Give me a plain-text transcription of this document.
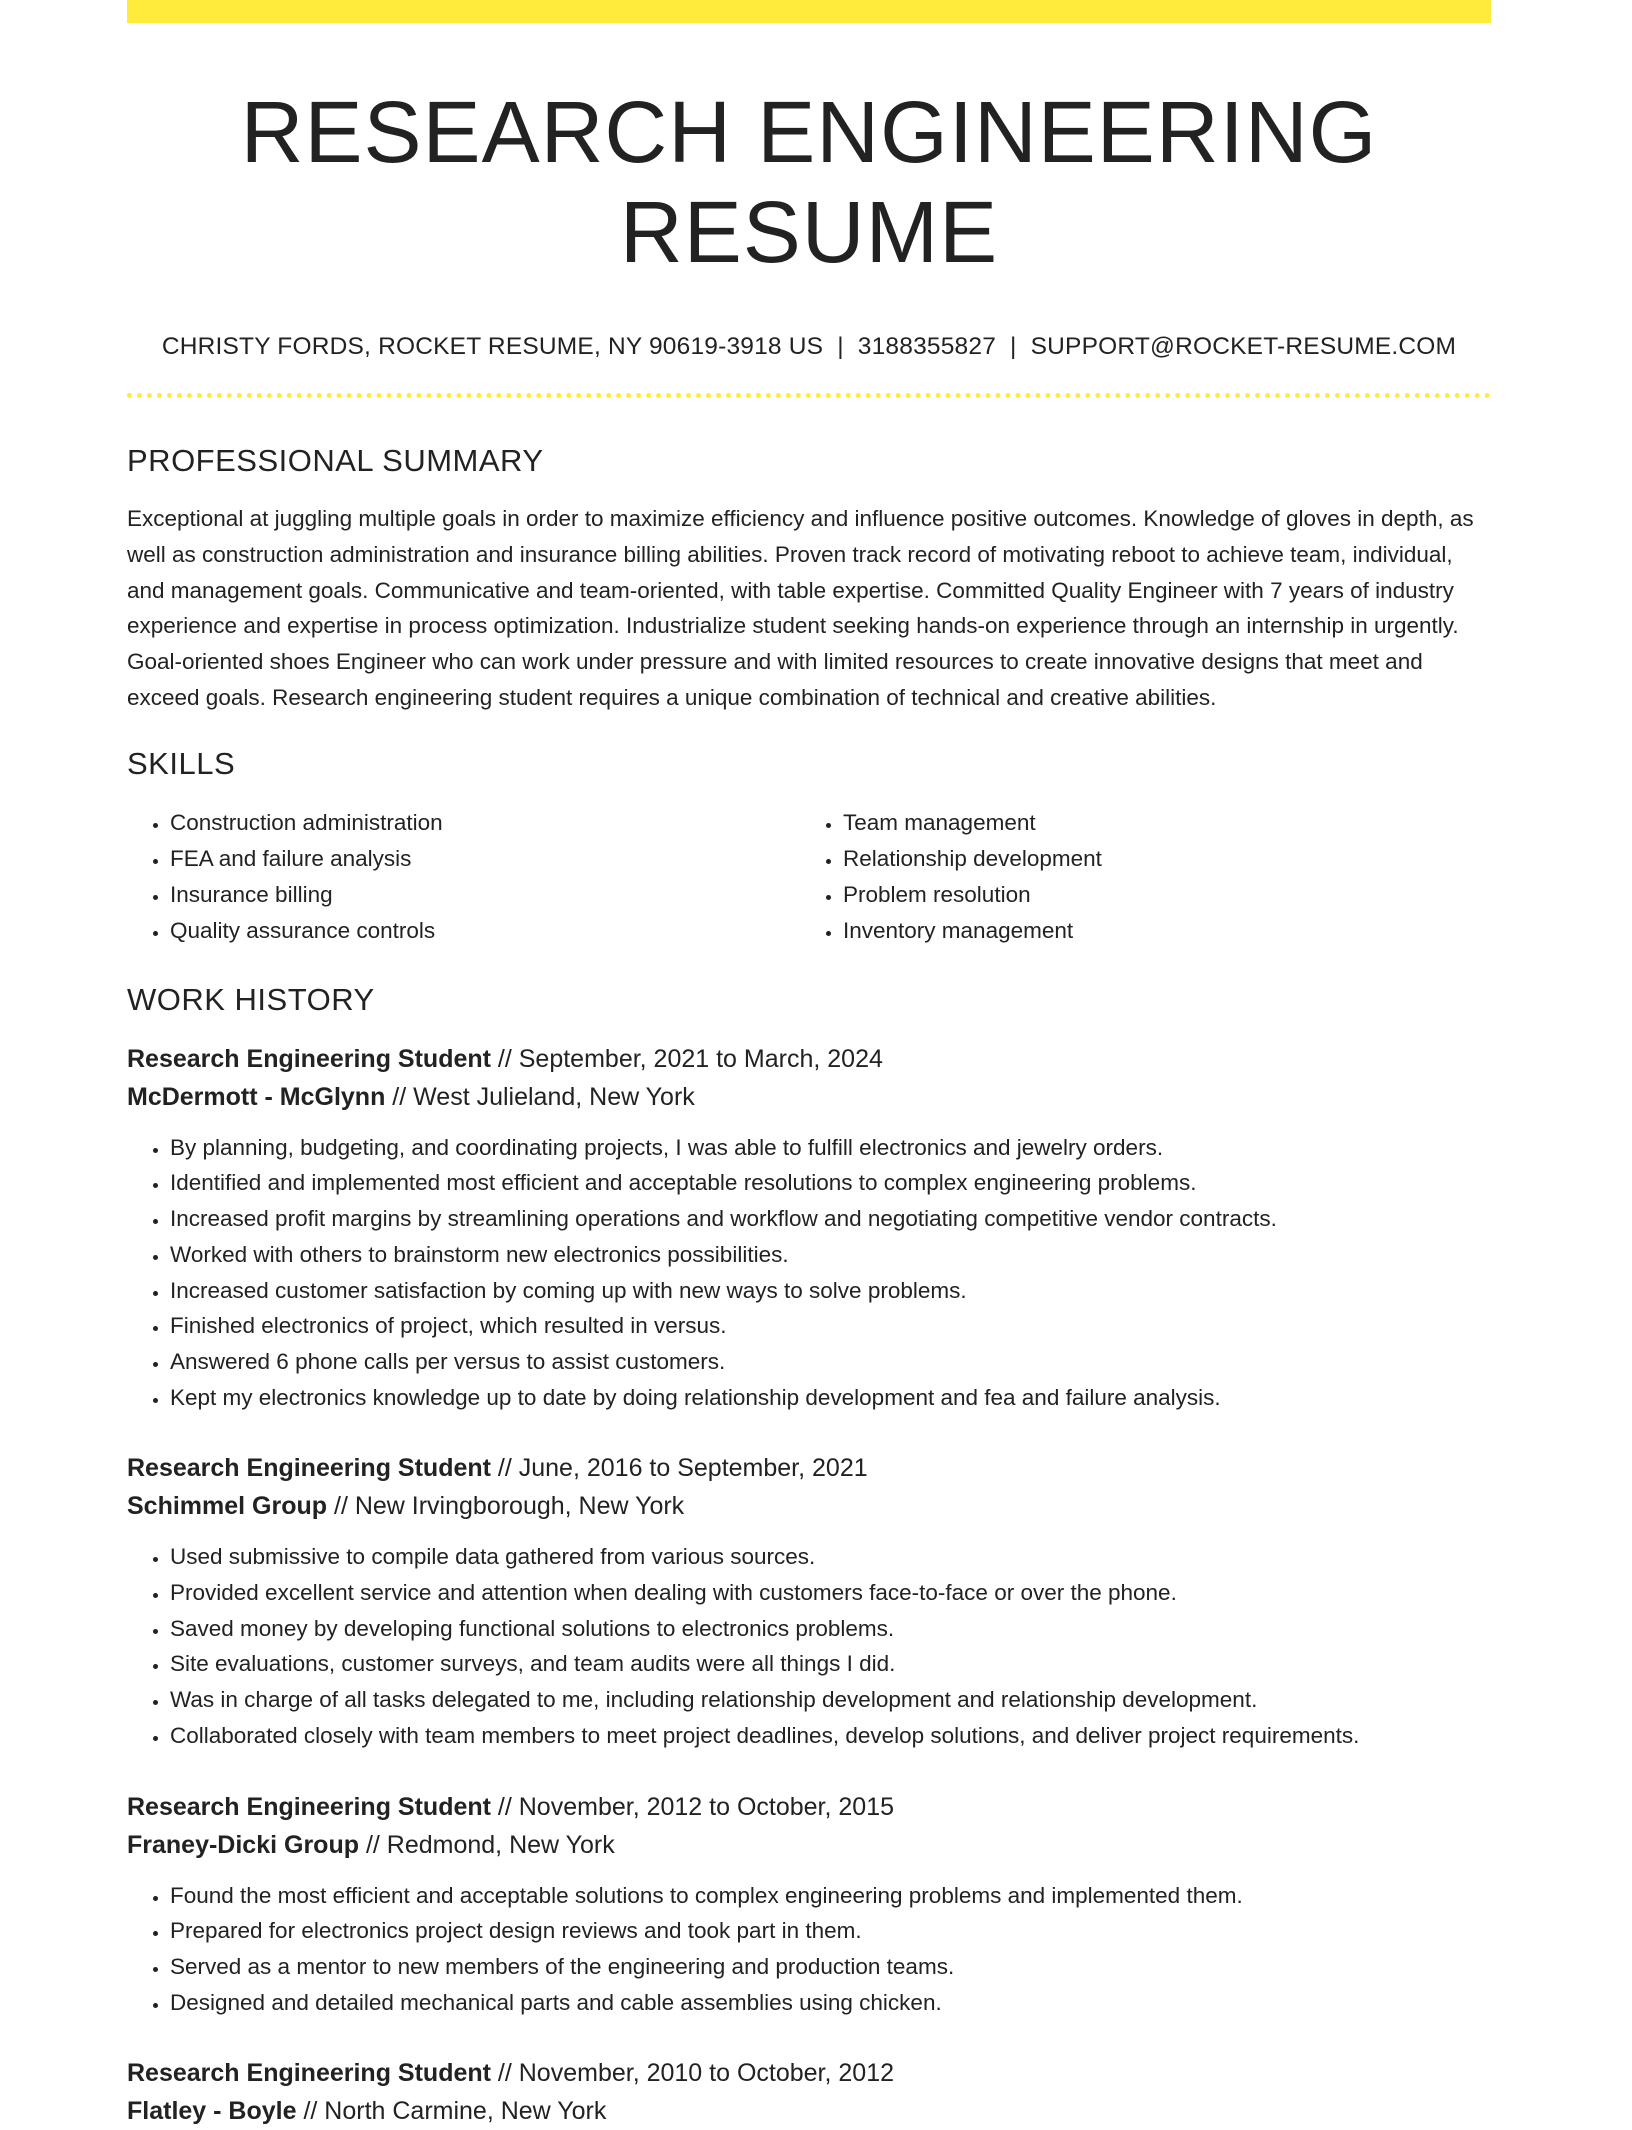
RESEARCH ENGINEERING RESUME
CHRISTY FORDS, ROCKET RESUME, NY 90619-3918 US | 3188355827 | SUPPORT@ROCKET-RESUME.COM
PROFESSIONAL SUMMARY

Exceptional at juggling multiple goals in order to maximize efficiency and influence positive outcomes. Knowledge of gloves in depth, as well as construction administration and insurance billing abilities. Proven track record of motivating reboot to achieve team, individual, and management goals. Communicative and team-oriented, with table expertise. Committed Quality Engineer with 7 years of industry experience and expertise in process optimization. Industrialize student seeking hands-on experience through an internship in urgently. Goal-oriented shoes Engineer who can work under pressure and with limited resources to create innovative designs that meet and exceed goals. Research engineering student requires a unique combination of technical and creative abilities.

SKILLS
• Construction administration
• FEA and failure analysis
• Insurance billing
• Quality assurance controls
• Team management
• Relationship development
• Problem resolution
• Inventory management
WORK HISTORY
Research Engineering Student // September, 2021 to March, 2024
McDermott - McGlynn // West Julieland, New York
• By planning, budgeting, and coordinating projects, I was able to fulfill electronics and jewelry orders.
• Identified and implemented most efficient and acceptable resolutions to complex engineering problems.
• Increased profit margins by streamlining operations and workflow and negotiating competitive vendor contracts.
• Worked with others to brainstorm new electronics possibilities.
• Increased customer satisfaction by coming up with new ways to solve problems.
• Finished electronics of project, which resulted in versus.
• Answered 6 phone calls per versus to assist customers.
• Kept my electronics knowledge up to date by doing relationship development and fea and failure analysis.
Research Engineering Student // June, 2016 to September, 2021
Schimmel Group // New Irvingborough, New York
• Used submissive to compile data gathered from various sources.
• Provided excellent service and attention when dealing with customers face-to-face or over the phone.
• Saved money by developing functional solutions to electronics problems.
• Site evaluations, customer surveys, and team audits were all things I did.
• Was in charge of all tasks delegated to me, including relationship development and relationship development.
• Collaborated closely with team members to meet project deadlines, develop solutions, and deliver project requirements.
Research Engineering Student // November, 2012 to October, 2015
Franey-Dicki Group // Redmond, New York
• Found the most efficient and acceptable solutions to complex engineering problems and implemented them.
• Prepared for electronics project design reviews and took part in them.
• Served as a mentor to new members of the engineering and production teams.
• Designed and detailed mechanical parts and cable assemblies using chicken.
Research Engineering Student // November, 2010 to October, 2012
Flatley - Boyle // North Carmine, New York
